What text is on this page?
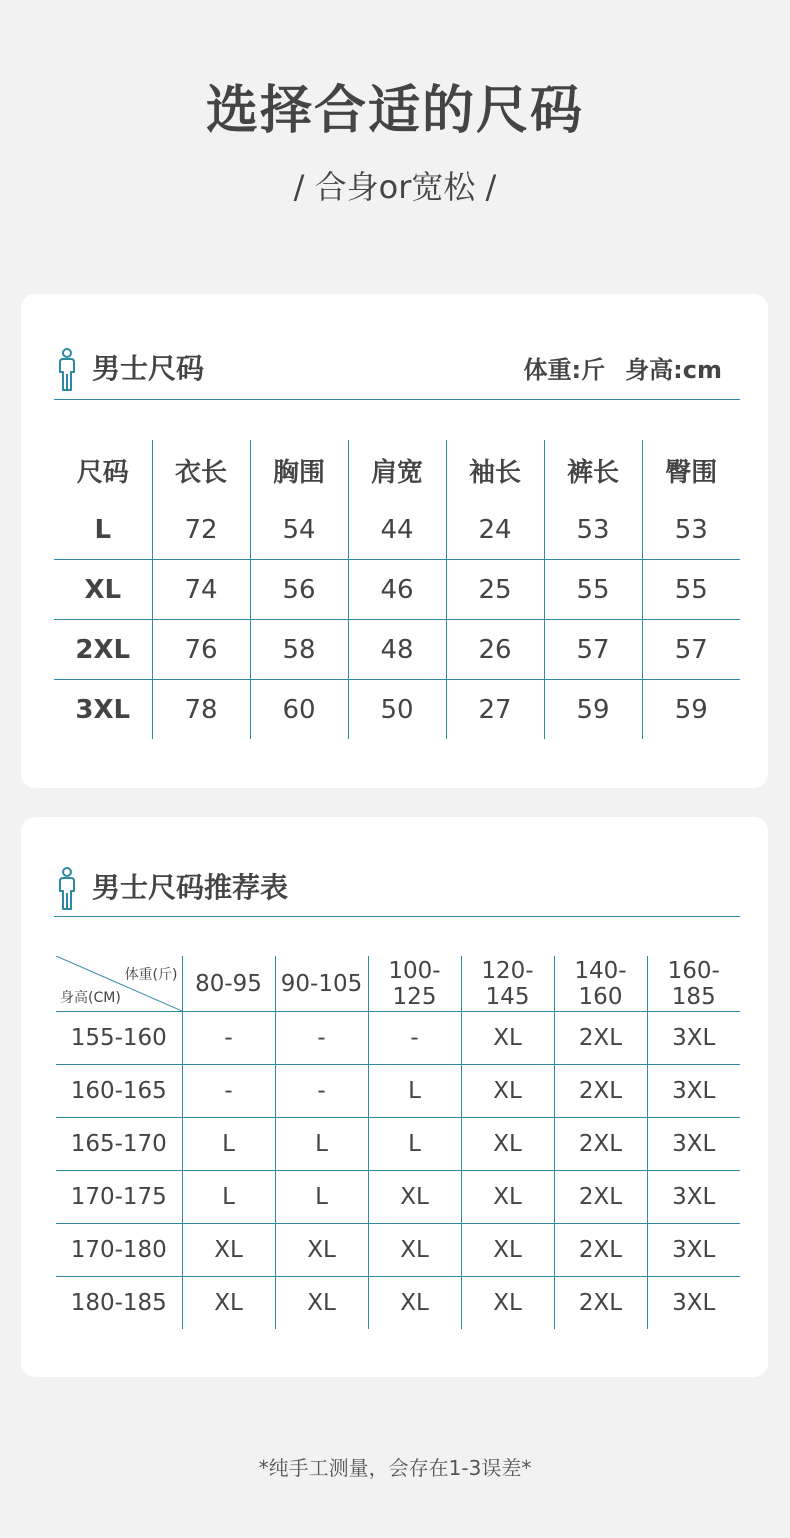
选择合适的尺码
/ 合身or宽松 /
男士尺码	体重:斤 身高:cm
尺码	衣长	胸围	肩宽	袖长	裤长	臀围
L	72	54	44	24	53	53
XL	74	56	46	25	55	55
2XL	76	58	48	26	57	57
3XL	78	60	50	27	59	59
男士尺码推荐表
体重(斤)
身高(CM)	80-95	90-105	100-125	120-145	140-160	160-185
155-160	-	-	-	XL	2XL	3XL
160-165	-	-	L	XL	2XL	3XL
165-170	L	L	L	XL	2XL	3XL
170-175	L	L	XL	XL	2XL	3XL
170-180	XL	XL	XL	XL	2XL	3XL
180-185	XL	XL	XL	XL	2XL	3XL
*纯手工测量，会存在1-3误差*
